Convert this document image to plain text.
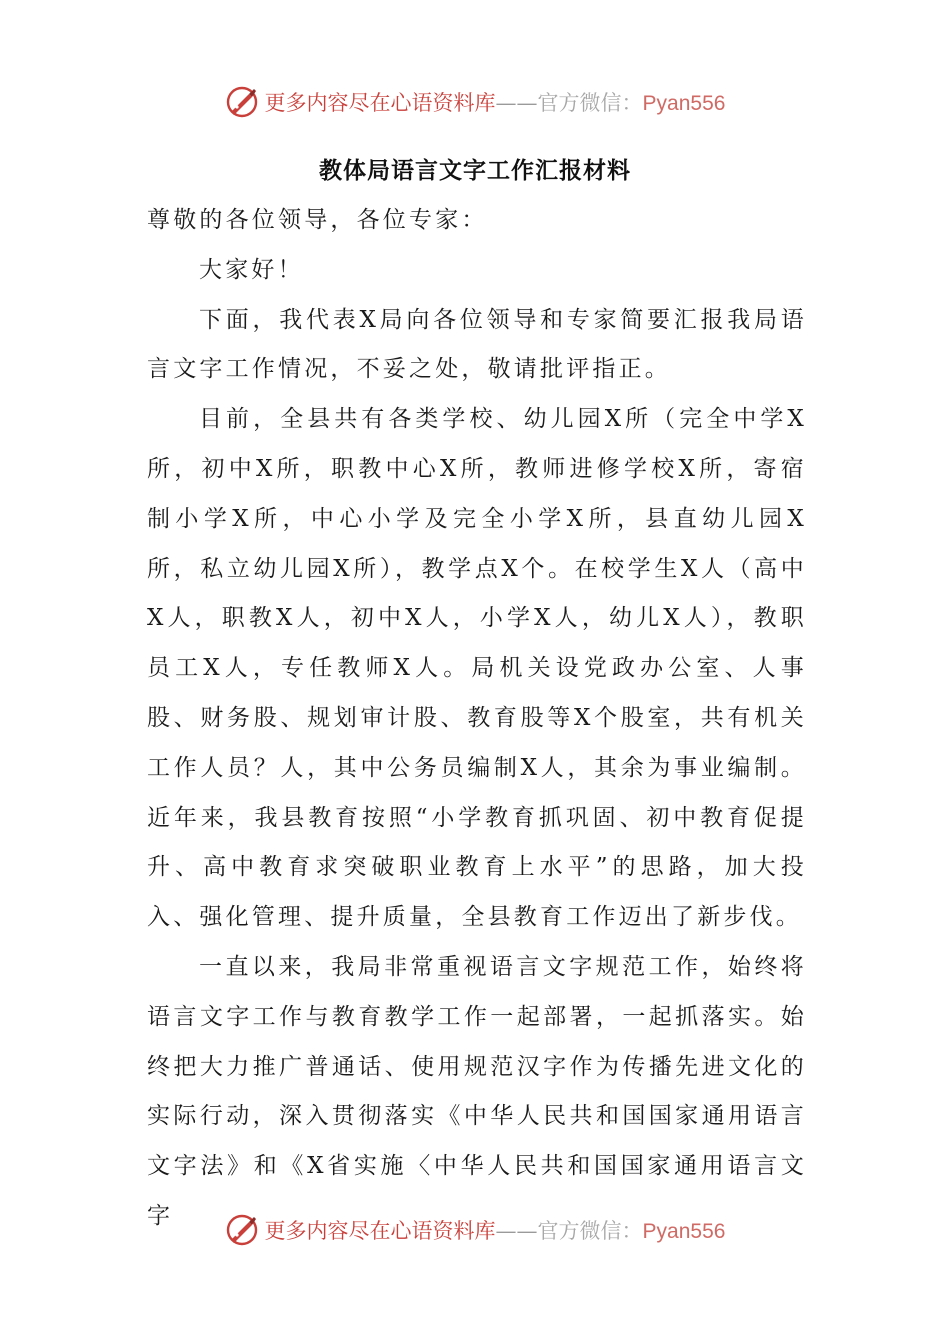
更多内容尽在心语资料库——官方微信：Pyan556
教体局语言文字工作汇报材料

尊敬的各位领导，各位专家：

大家好！

下面，我代表X局向各位领导和专家简要汇报我局语言文字工作情况，不妥之处，敬请批评指正。

目前，全县共有各类学校、幼儿园X所（完全中学X所，初中X所，职教中心X所，教师进修学校X所，寄宿制小学X所，中心小学及完全小学X所，县直幼儿园X所，私立幼儿园X所），教学点X个。在校学生X人（高中X人，职教X人，初中X人，小学X人，幼儿X人），教职员工X人，专任教师X人。局机关设党政办公室、人事股、财务股、规划审计股、教育股等X个股室，共有机关工作人员？人，其中公务员编制X人，其余为事业编制。近年来，我县教育按照“小学教育抓巩固、初中教育促提升、高中教育求突破职业教育上水平”的思路，加大投入、强化管理、提升质量，全县教育工作迈出了新步伐。

一直以来，我局非常重视语言文字规范工作，始终将语言文字工作与教育教学工作一起部署，一起抓落实。始终把大力推广普通话、使用规范汉字作为传播先进文化的实际行动，深入贯彻落实《中华人民共和国国家通用语言文字法》和《X省实施〈中华人民共和国国家通用语言文字

更多内容尽在心语资料库——官方微信：Pyan556
